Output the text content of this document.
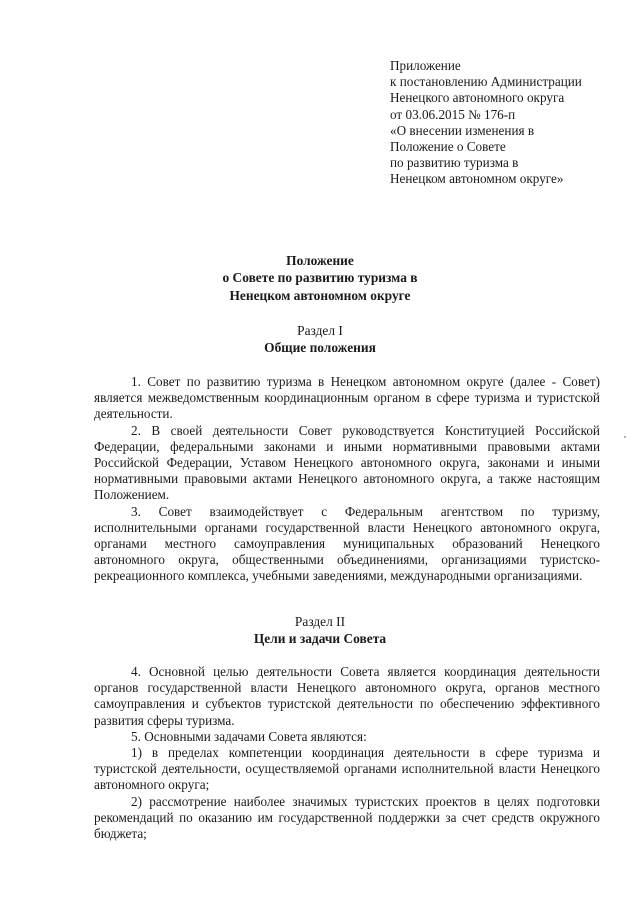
Приложение
к постановлению Администрации
Ненецкого автономного округа
от 03.06.2015 № 176-п
«О внесении изменения в
Положение о Совете
по развитию туризма в
Ненецком автономном округе»
Положение
о Совете по развитию туризма в
Ненецком автономном округе
Раздел I
Общие положения

1. Совет по развитию туризма в Ненецком автономном округе (далее - Совет) является межведомственным координационным органом в сфере туризма и туристской деятельности.

2. В своей деятельности Совет руководствуется Конституцией Российской Федерации, федеральными законами и иными нормативными правовыми актами Российской Федерации, Уставом Ненецкого автономного округа, законами и иными нормативными правовыми актами Ненецкого автономного округа, а также настоящим Положением.

3. Совет взаимодействует с Федеральным агентством по туризму, исполнительными органами государственной власти Ненецкого автономного округа, органами местного самоуправления муниципальных образований Ненецкого автономного округа, общественными объединениями, организациями туристско-рекреационного комплекса, учебными заведениями, международными организациями.

Раздел II
Цели и задачи Совета

4. Основной целью деятельности Совета является координация деятельности органов государственной власти Ненецкого автономного округа, органов местного самоуправления и субъектов туристской деятельности по обеспечению эффективного развития сферы туризма.

5. Основными задачами Совета являются:

1) в пределах компетенции координация деятельности в сфере туризма и туристской деятельности, осуществляемой органами исполнительной власти Ненецкого автономного округа;

2) рассмотрение наиболее значимых туристских проектов в целях подготовки рекомендаций по оказанию им государственной поддержки за счет средств окружного бюджета;
